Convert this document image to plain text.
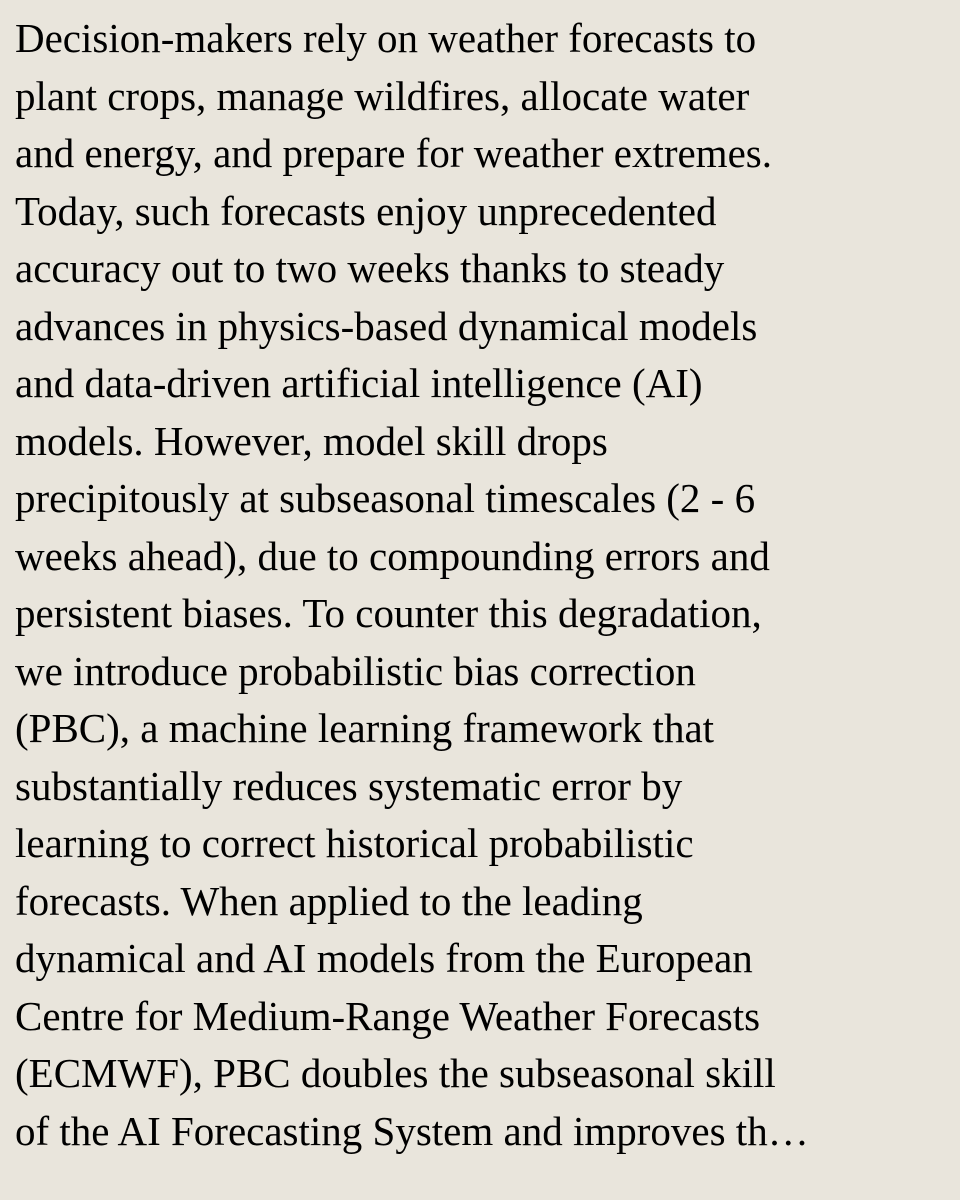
Decision-makers rely on weather forecasts to
plant crops, manage wildfires, allocate water
and energy, and prepare for weather extremes.
Today, such forecasts enjoy unprecedented
accuracy out to two weeks thanks to steady
advances in physics-based dynamical models
and data-driven artificial intelligence (AI)
models. However, model skill drops
precipitously at subseasonal timescales (2 - 6
weeks ahead), due to compounding errors and
persistent biases. To counter this degradation,
we introduce probabilistic bias correction
(PBC), a machine learning framework that
substantially reduces systematic error by
learning to correct historical probabilistic
forecasts. When applied to the leading
dynamical and AI models from the European
Centre for Medium-Range Weather Forecasts
(ECMWF), PBC doubles the subseasonal skill
of the AI Forecasting System and improves th…
